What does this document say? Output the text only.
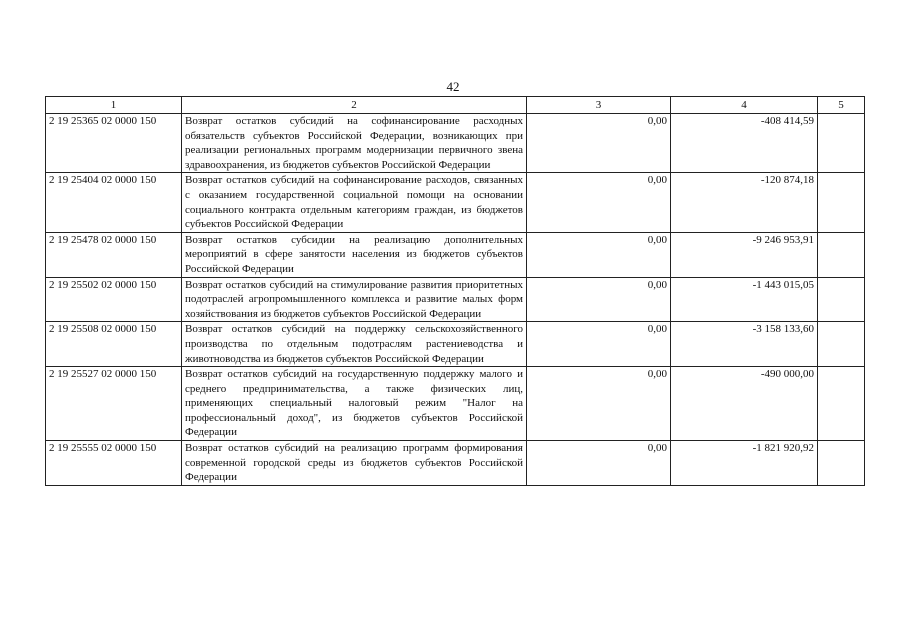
42
1	2	3	4	5
2 19 25365 02 0000 150	Возврат остатков субсидий на софинансирование расходных обязательств субъектов Российской Федерации, возникающих при реализации региональных программ модернизации первичного звена здравоохранения, из бюджетов субъектов Российской Федерации	0,00	-408 414,59	
2 19 25404 02 0000 150	Возврат остатков субсидий на софинансирование расходов, связанных с оказанием государственной социальной помощи на основании социального контракта отдельным категориям граждан, из бюджетов субъектов Российской Федерации	0,00	-120 874,18	
2 19 25478 02 0000 150	Возврат остатков субсидии на реализацию дополнительных мероприятий в сфере занятости населения из бюджетов субъектов Российской Федерации	0,00	-9 246 953,91	
2 19 25502 02 0000 150	Возврат остатков субсидий на стимулирование развития приоритетных подотраслей агропромышленного комплекса и развитие малых форм хозяйствования из бюджетов субъектов Российской Федерации	0,00	-1 443 015,05	
2 19 25508 02 0000 150	Возврат остатков субсидий на поддержку сельскохозяйственного производства по отдельным подотраслям растениеводства и животноводства из бюджетов субъектов Российской Федерации	0,00	-3 158 133,60	
2 19 25527 02 0000 150	Возврат остатков субсидий на государственную поддержку малого и среднего предпринимательства, а также физических лиц, применяющих специальный налоговый режим "Налог на профессиональный доход", из бюджетов субъектов Российской Федерации	0,00	-490 000,00	
2 19 25555 02 0000 150	Возврат остатков субсидий на реализацию программ формирования современной городской среды из бюджетов субъектов Российской Федерации	0,00	-1 821 920,92	
